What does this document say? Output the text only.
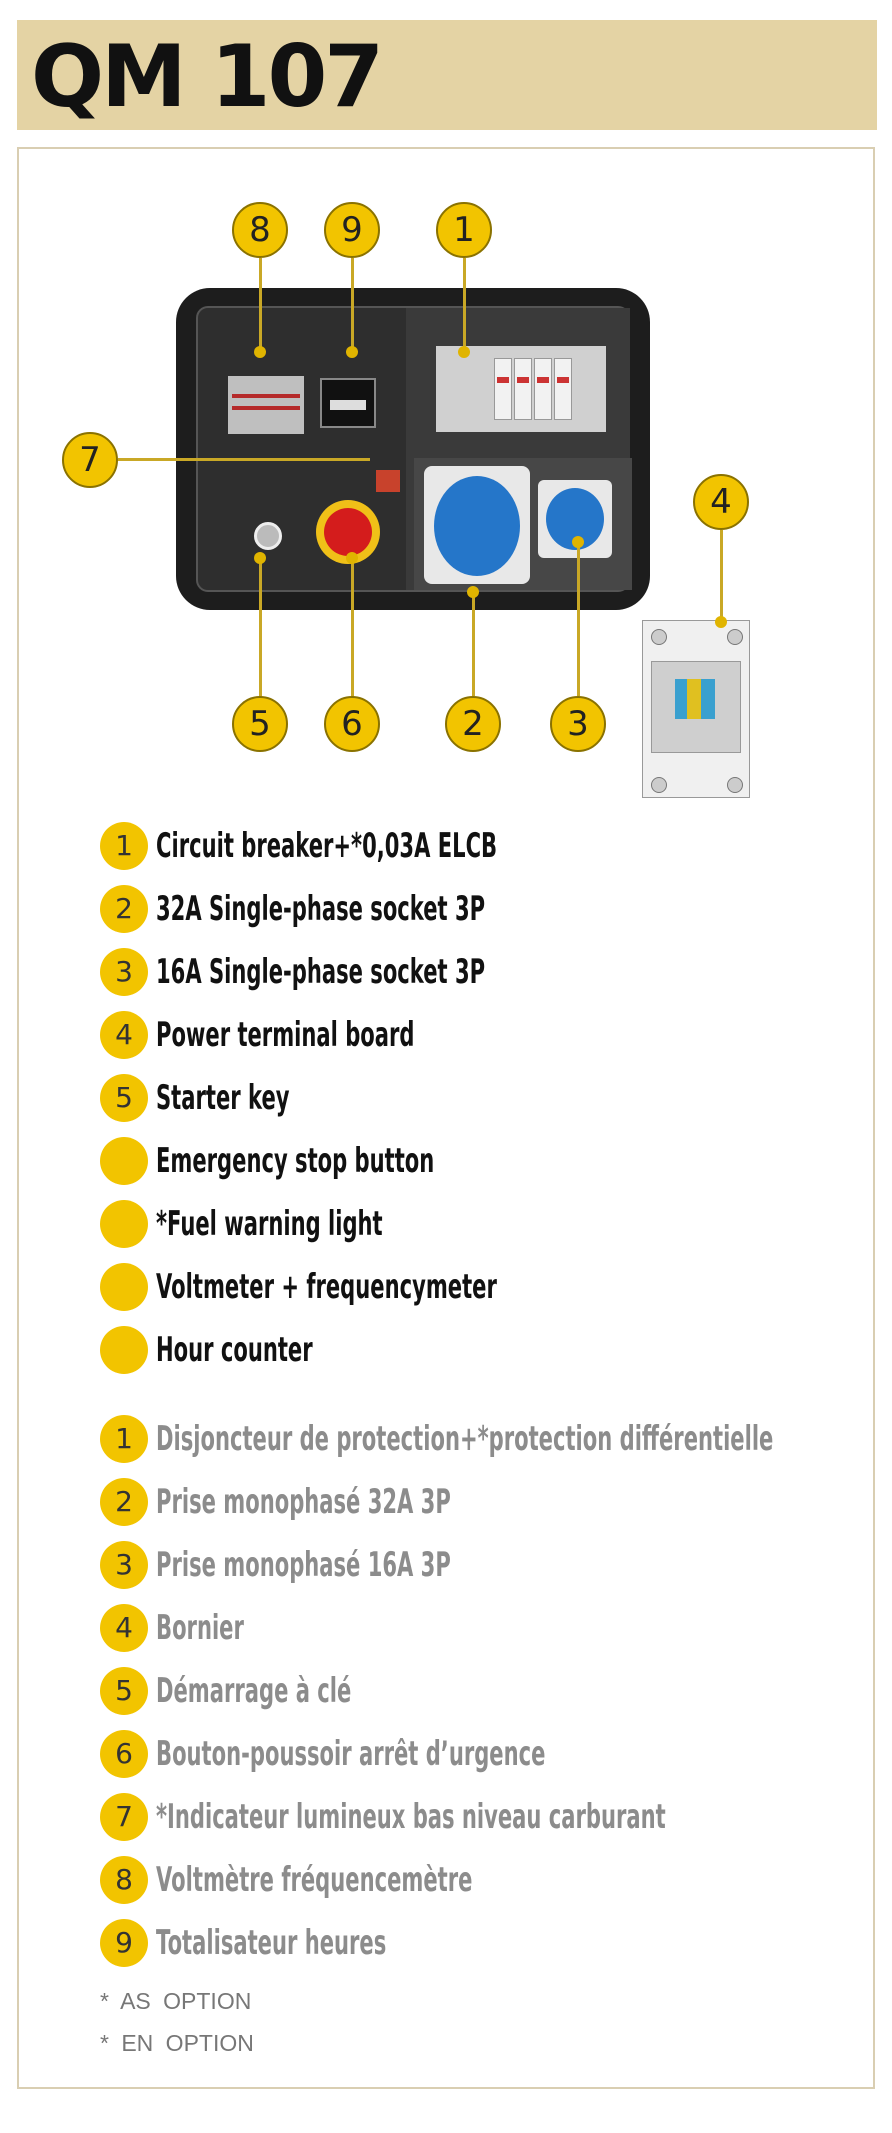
QM 107
8	9	1
7
4
5	6	2	3
1 Circuit breaker+*0,03A ELCB
2 32A Single-phase socket 3P
3 16A Single-phase socket 3P
4 Power terminal board
5 Starter key
Emergency stop button
*Fuel warning light
Voltmeter + frequencymeter
Hour counter
1 Disjoncteur de protection+*protection différentielle
2 Prise monophasé 32A 3P
3 Prise monophasé 16A 3P
4 Bornier
5 Démarrage à clé
6 Bouton-poussoir arrêt d’urgence
7 *Indicateur lumineux bas niveau carburant
8 Voltmètre fréquencemètre
9 Totalisateur heures
* AS OPTION
* EN OPTION
